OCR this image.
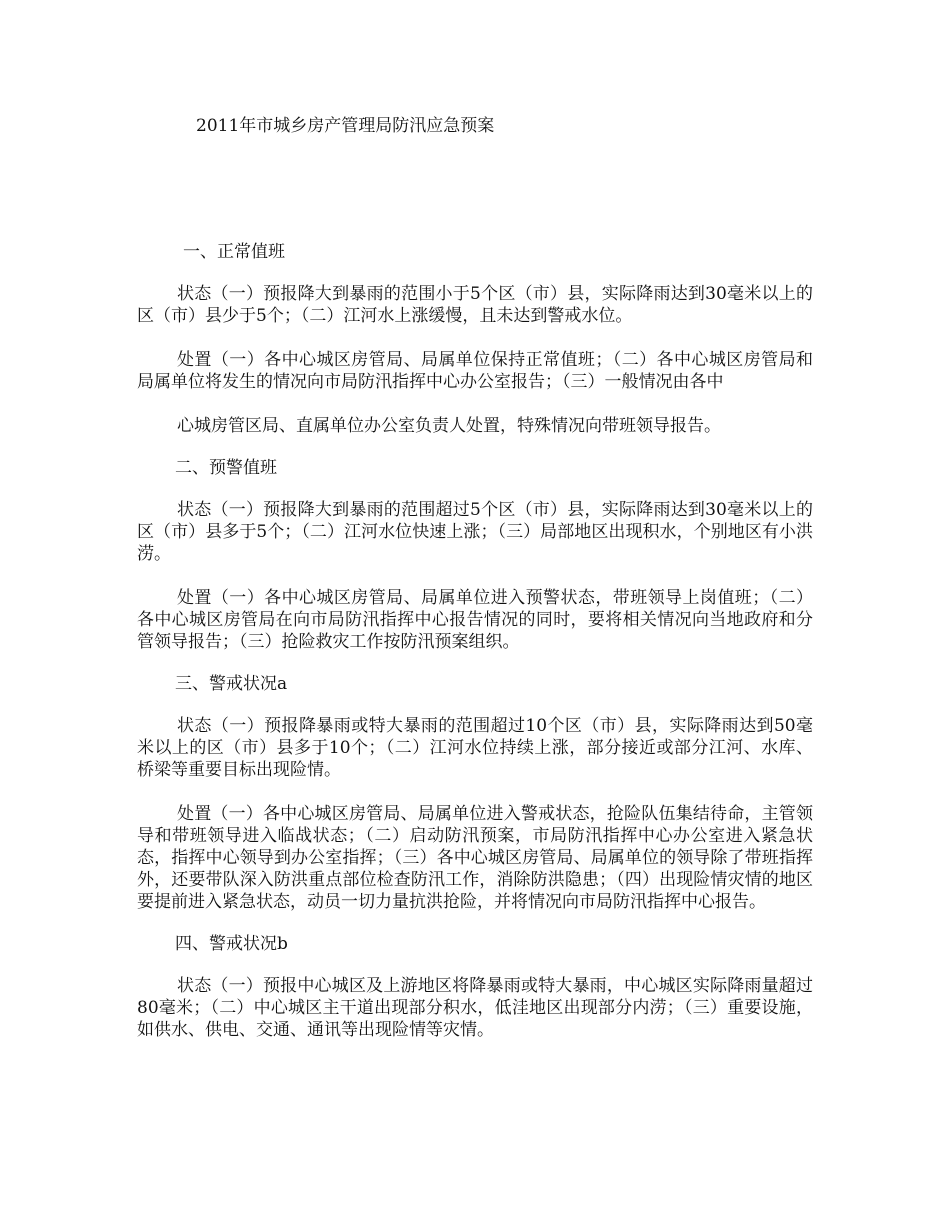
2011年市城乡房产管理局防汛应急预案
一、正常值班

状态（一）预报降大到暴雨的范围小于5个区（市）县，实际降雨达到30毫米以上的区（市）县少于5个；（二）江河水上涨缓慢，且未达到警戒水位。

处置（一）各中心城区房管局、局属单位保持正常值班；（二）各中心城区房管局和局属单位将发生的情况向市局防汛指挥中心办公室报告；（三）一般情况由各中

心城房管区局、直属单位办公室负责人处置，特殊情况向带班领导报告。

二、预警值班

状态（一）预报降大到暴雨的范围超过5个区（市）县，实际降雨达到30毫米以上的区（市）县多于5个；（二）江河水位快速上涨；（三）局部地区出现积水，个别地区有小洪涝。

处置（一）各中心城区房管局、局属单位进入预警状态，带班领导上岗值班；（二）各中心城区房管局在向市局防汛指挥中心报告情况的同时，要将相关情况向当地政府和分管领导报告；（三）抢险救灾工作按防汛预案组织。

三、警戒状况a

状态（一）预报降暴雨或特大暴雨的范围超过10个区（市）县，实际降雨达到50毫米以上的区（市）县多于10个；（二）江河水位持续上涨，部分接近或部分江河、水库、桥梁等重要目标出现险情。

处置（一）各中心城区房管局、局属单位进入警戒状态，抢险队伍集结待命，主管领导和带班领导进入临战状态；（二）启动防汛预案，市局防汛指挥中心办公室进入紧急状态，指挥中心领导到办公室指挥；（三）各中心城区房管局、局属单位的领导除了带班指挥外，还要带队深入防洪重点部位检查防汛工作，消除防洪隐患；（四）出现险情灾情的地区要提前进入紧急状态，动员一切力量抗洪抢险，并将情况向市局防汛指挥中心报告。

四、警戒状况b

状态（一）预报中心城区及上游地区将降暴雨或特大暴雨，中心城区实际降雨量超过80毫米；（二）中心城区主干道出现部分积水，低洼地区出现部分内涝；（三）重要设施，如供水、供电、交通、通讯等出现险情等灾情。
